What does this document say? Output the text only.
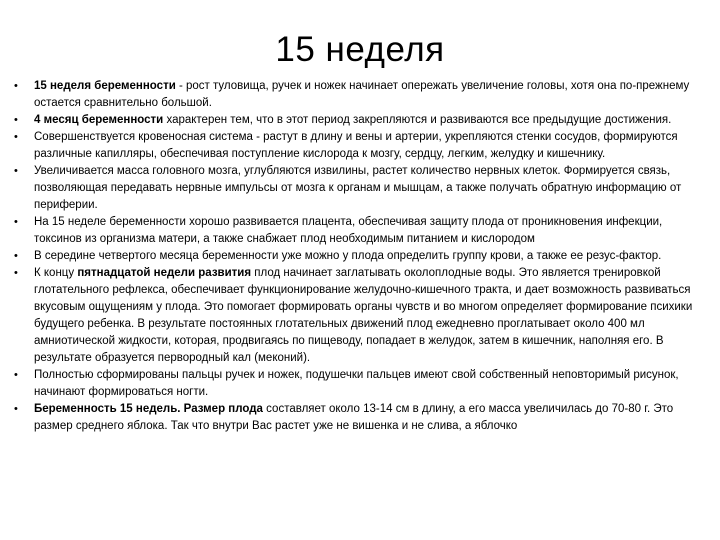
15 неделя
•	15 неделя беременности - рост туловища, ручек и ножек начинает опережать увеличение головы, хотя она по-прежнему остается сравнительно большой.
•	4 месяц беременности характерен тем, что в этот период закрепляются и развиваются все предыдущие достижения.
•	Совершенствуется кровеносная система - растут в длину и вены и артерии, укрепляются стенки сосудов, формируются различные капилляры, обеспечивая поступление кислорода к мозгу, сердцу, легким, желудку и кишечнику.
•	Увеличивается масса головного мозга, углубляются извилины, растет количество нервных клеток. Формируется связь, позволяющая передавать нервные импульсы от мозга к органам и мышцам, а также получать обратную информацию от периферии.
•	На 15 неделе беременности хорошо развивается плацента, обеспечивая защиту плода от проникновения инфекции, токсинов из организма матери, а также снабжает плод необходимым питанием и кислородом
•	В середине четвертого месяца беременности уже можно у плода определить группу крови, а также ее резус-фактор.
•	К концу пятнадцатой недели развития плод начинает заглатывать околоплодные воды. Это является тренировкой глотательного рефлекса, обеспечивает функционирование желудочно-кишечного тракта, и дает возможность развиваться вкусовым ощущениям у плода. Это помогает формировать органы чувств и во многом определяет формирование психики будущего ребенка. В результате постоянных глотательных движений плод ежедневно проглатывает около 400 мл амниотической жидкости, которая, продвигаясь по пищеводу, попадает в желудок, затем в кишечник, наполняя его. В результате образуется первородный кал (меконий).
•	Полностью сформированы пальцы ручек и ножек, подушечки пальцев имеют свой собственный неповторимый рисунок, начинают формироваться ногти.
•	Беременность 15 недель. Размер плода составляет около 13-14 см в длину, а его масса увеличилась до 70-80 г. Это размер среднего яблока. Так что внутри Вас растет уже не вишенка и не слива, а яблочко
